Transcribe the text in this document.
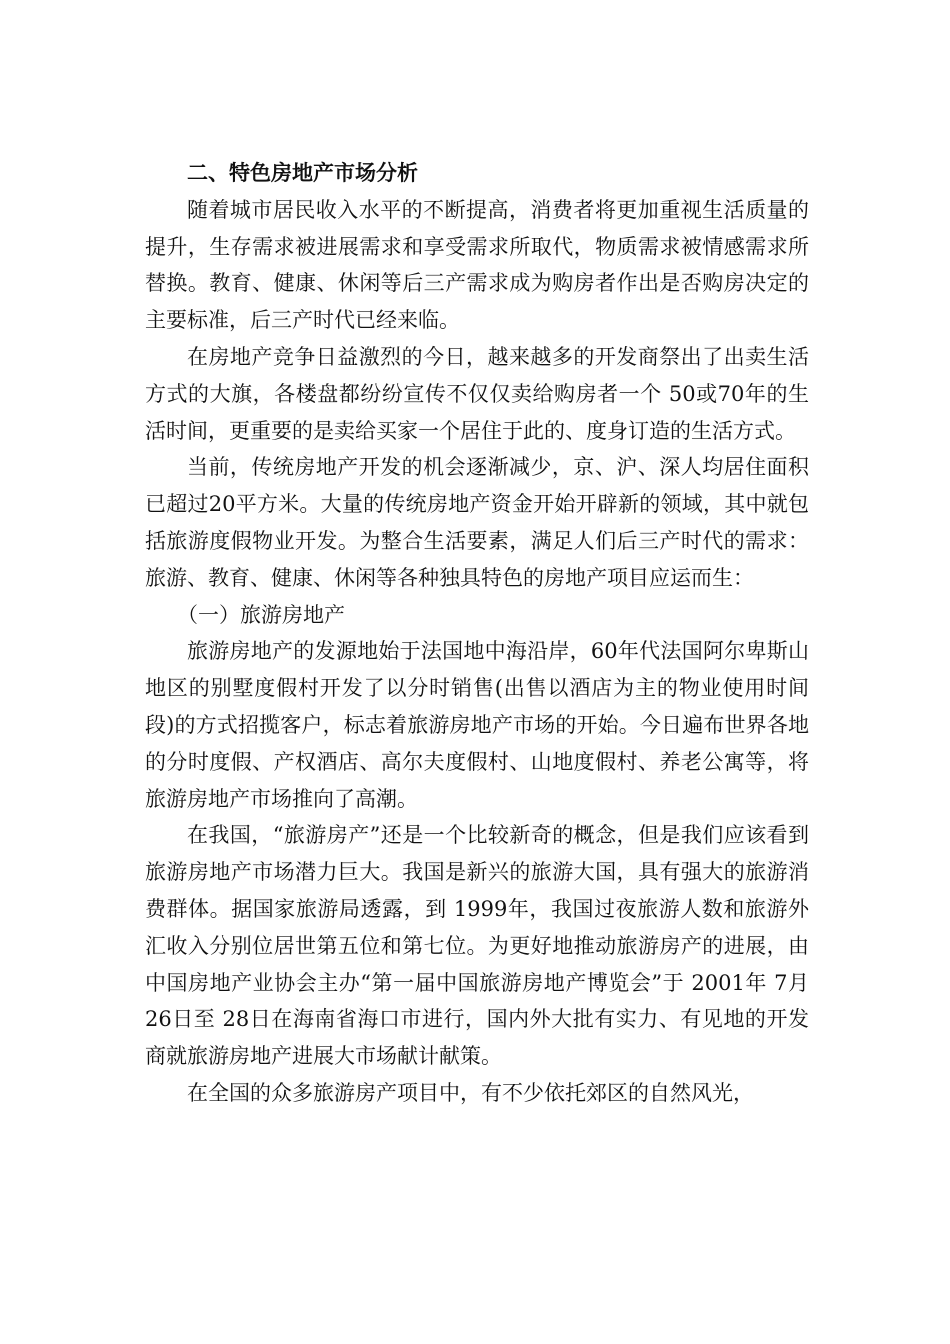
二、特色房地产市场分析

随着城市居民收入水平的不断提高，消费者将更加重视生活质量的提升，生存需求被进展需求和享受需求所取代，物质需求被情感需求所替换。教育、健康、休闲等后三产需求成为购房者作出是否购房决定的主要标准，后三产时代已经来临。

在房地产竞争日益激烈的今日，越来越多的开发商祭出了出卖生活方式的大旗，各楼盘都纷纷宣传不仅仅卖给购房者一个 50或70年的生活时间，更重要的是卖给买家一个居住于此的、度身订造的生活方式。

当前，传统房地产开发的机会逐渐减少，京、沪、深人均居住面积已超过20平方米。大量的传统房地产资金开始开辟新的领域，其中就包括旅游度假物业开发。为整合生活要素，满足人们后三产时代的需求：旅游、教育、健康、休闲等各种独具特色的房地产项目应运而生：

（一）旅游房地产

旅游房地产的发源地始于法国地中海沿岸，60年代法国阿尔卑斯山地区的别墅度假村开发了以分时销售(出售以酒店为主的物业使用时间段)的方式招揽客户，标志着旅游房地产市场的开始。今日遍布世界各地的分时度假、产权酒店、高尔夫度假村、山地度假村、养老公寓等，将旅游房地产市场推向了高潮。

在我国，“旅游房产”还是一个比较新奇的概念，但是我们应该看到旅游房地产市场潜力巨大。我国是新兴的旅游大国，具有强大的旅游消费群体。据国家旅游局透露，到 1999年，我国过夜旅游人数和旅游外汇收入分别位居世第五位和第七位。为更好地推动旅游房产的进展，由中国房地产业协会主办“第一届中国旅游房地产博览会”于 2001年 7月 26日至 28日在海南省海口市进行，国内外大批有实力、有见地的开发商就旅游房地产进展大市场献计献策。

在全国的众多旅游房产项目中，有不少依托郊区的自然风光，
